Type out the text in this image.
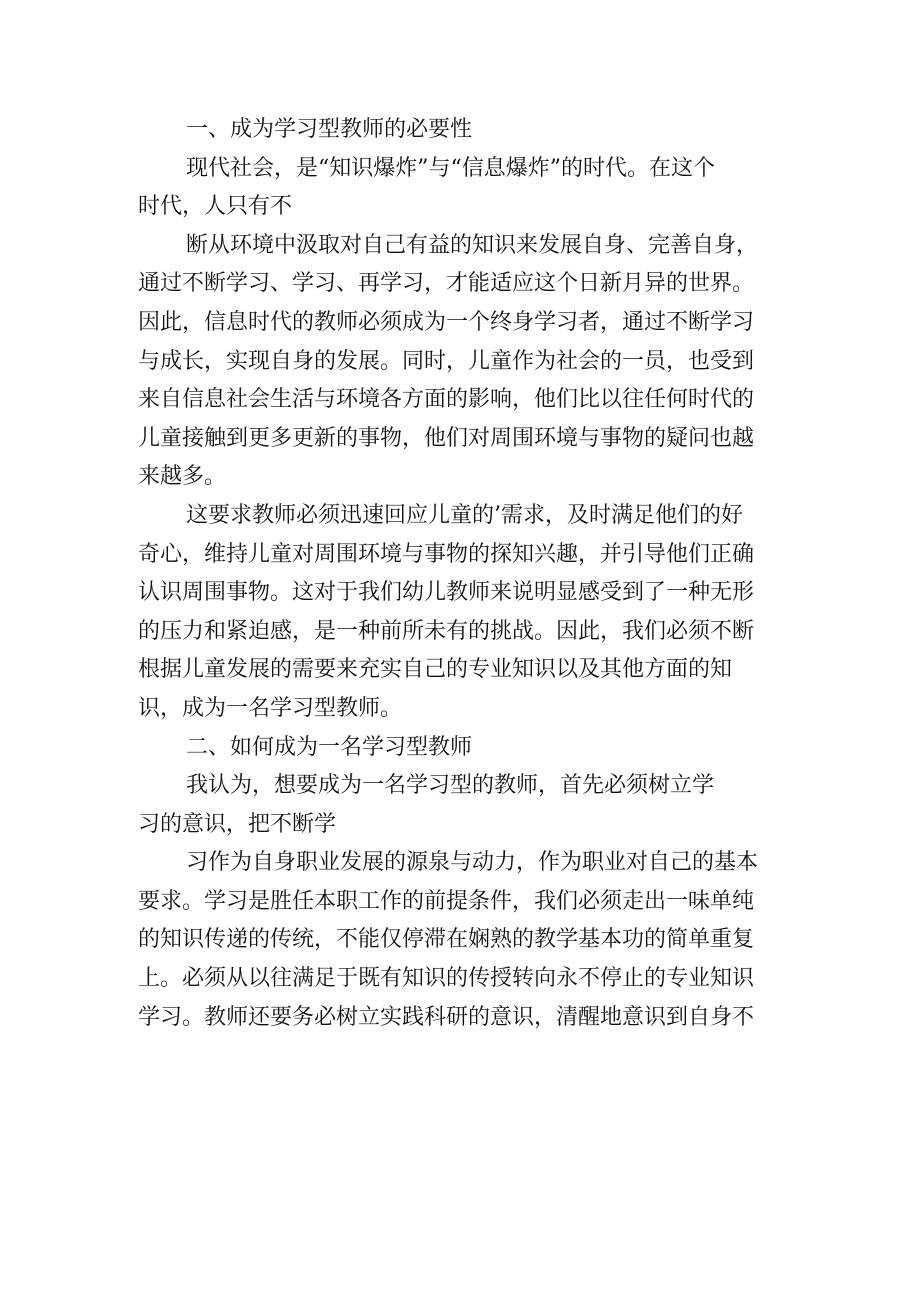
一、成为学习型教师的必要性
现代社会，是“知识爆炸”与“信息爆炸”的时代。在这个
时代，人只有不
断从环境中汲取对自己有益的知识来发展自身、完善自身，
通过不断学习、学习、再学习，才能适应这个日新月异的世界。
因此，信息时代的教师必须成为一个终身学习者，通过不断学习
与成长，实现自身的发展。同时，儿童作为社会的一员，也受到
来自信息社会生活与环境各方面的影响，他们比以往任何时代的
儿童接触到更多更新的事物，他们对周围环境与事物的疑问也越
来越多。
这要求教师必须迅速回应儿童的’需求，及时满足他们的好
奇心，维持儿童对周围环境与事物的探知兴趣，并引导他们正确
认识周围事物。这对于我们幼儿教师来说明显感受到了一种无形
的压力和紧迫感，是一种前所未有的挑战。因此，我们必须不断
根据儿童发展的需要来充实自己的专业知识以及其他方面的知
识，成为一名学习型教师。
二、如何成为一名学习型教师
我认为，想要成为一名学习型的教师，首先必须树立学
习的意识，把不断学
习作为自身职业发展的源泉与动力，作为职业对自己的基本
要求。学习是胜任本职工作的前提条件，我们必须走出一味单纯
的知识传递的传统，不能仅停滞在娴熟的教学基本功的简单重复
上。必须从以往满足于既有知识的传授转向永不停止的专业知识
学习。教师还要务必树立实践科研的意识，清醒地意识到自身不
